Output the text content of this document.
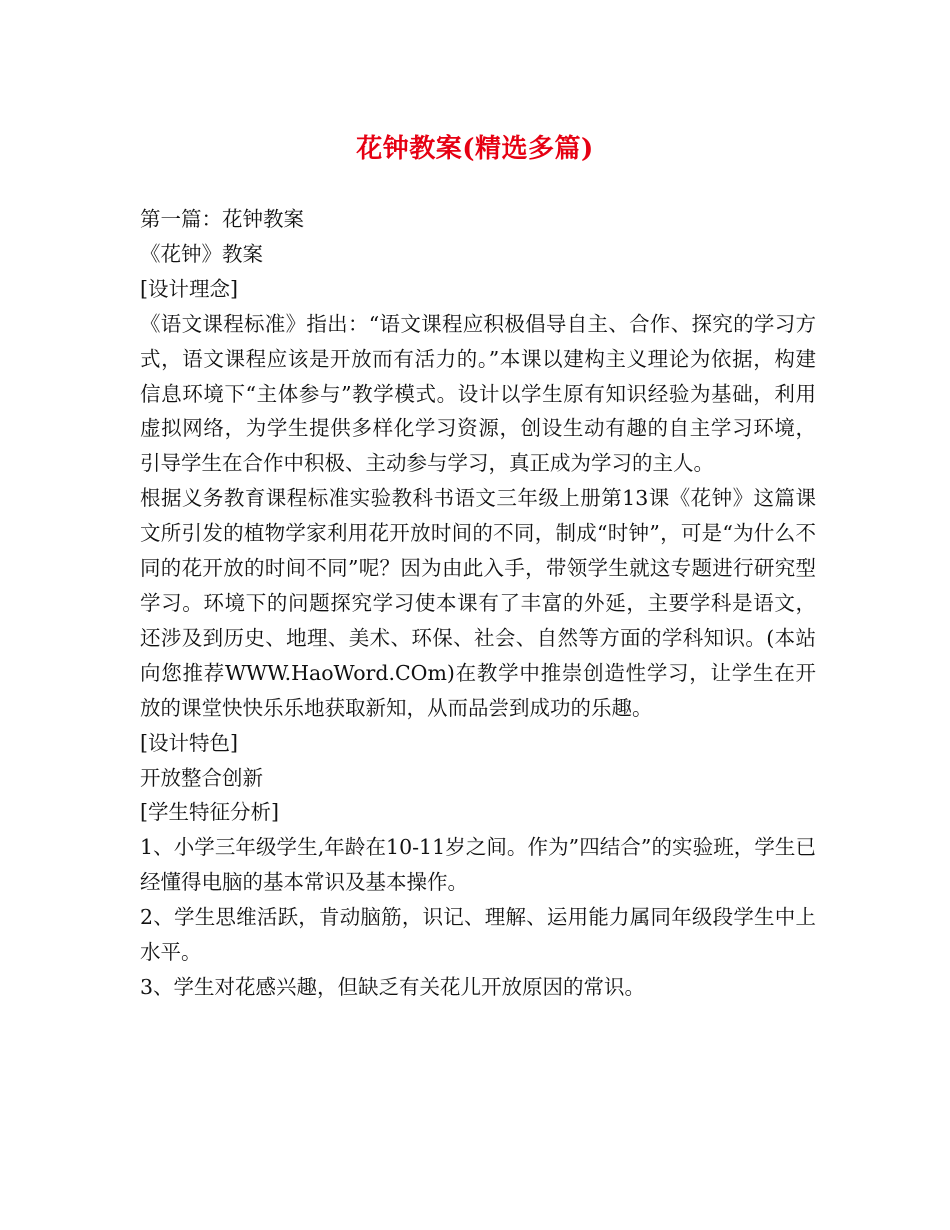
花钟教案(精选多篇)

第一篇：花钟教案

《花钟》教案

[设计理念]

《语文课程标准》指出：“语文课程应积极倡导自主、合作、探究的学习方式，语文课程应该是开放而有活力的。”本课以建构主义理论为依据，构建信息环境下“主体参与”教学模式。设计以学生原有知识经验为基础，利用虚拟网络，为学生提供多样化学习资源，创设生动有趣的自主学习环境，引导学生在合作中积极、主动参与学习，真正成为学习的主人。

根据义务教育课程标准实验教科书语文三年级上册第13课《花钟》这篇课文所引发的植物学家利用花开放时间的不同，制成“时钟”，可是“为什么不同的花开放的时间不同”呢？因为由此入手，带领学生就这专题进行研究型学习。环境下的问题探究学习使本课有了丰富的外延，主要学科是语文，还涉及到历史、地理、美术、环保、社会、自然等方面的学科知识。(本站向您推荐WWW.HaoWord.COm)在教学中推崇创造性学习，让学生在开放的课堂快快乐乐地获取新知，从而品尝到成功的乐趣。

[设计特色]

开放整合创新

[学生特征分析]

1、小学三年级学生,年龄在10-11岁之间。作为”四结合”的实验班，学生已经懂得电脑的基本常识及基本操作。

2、学生思维活跃，肯动脑筋，识记、理解、运用能力属同年级段学生中上水平。

3、学生对花感兴趣，但缺乏有关花儿开放原因的常识。
